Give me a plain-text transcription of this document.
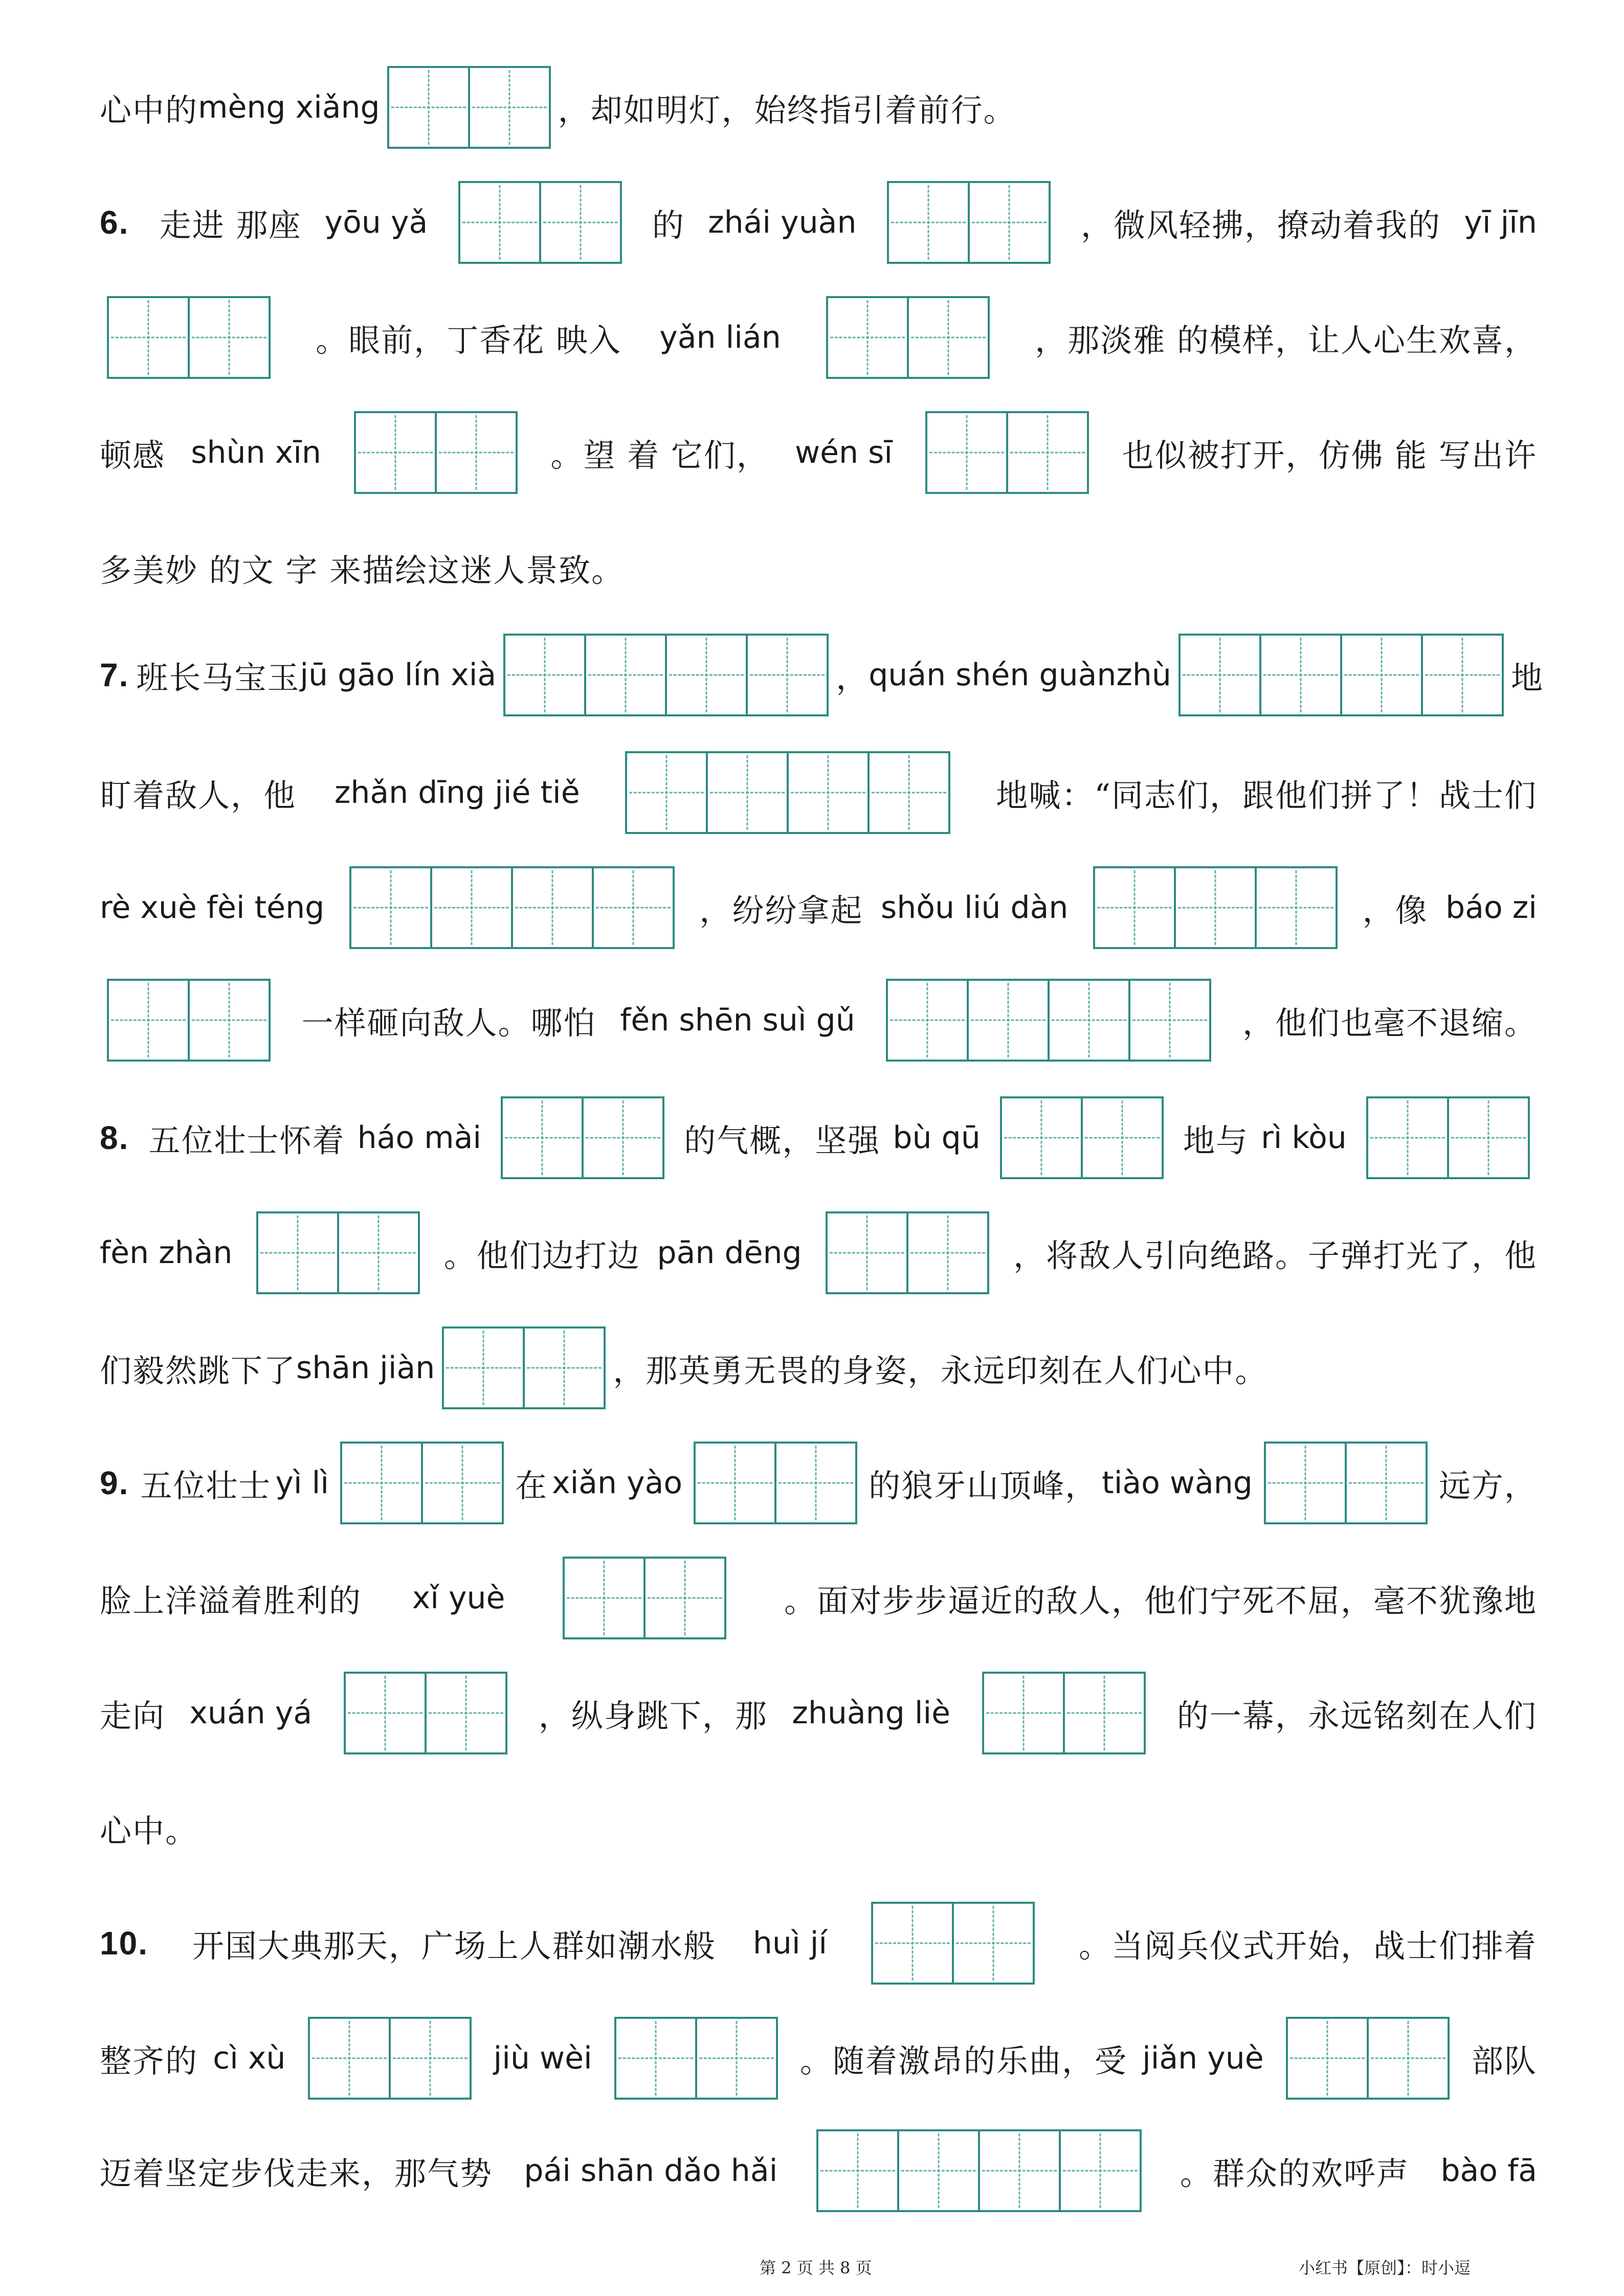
心中的 mèng xiǎng	，却如明灯，始终指引着前行。
6. 走进 那座 yōu yǎ	的 zhái yuàn	，微风轻拂，撩动着我的 yī jīn
。眼前，丁香花 映入 yǎn lián	，那淡雅 的模样，让人心生欢喜，
顿感 shùn xīn	。望 着 它们， wén sī	也似被打开，仿佛 能 写出许
多美妙 的文 字 来描绘这迷人景致。
7. 班长马宝玉 jū gāo lín xià	， quán shén guànzhù	地
盯着敌人，他 zhǎn dīng jié tiě	地喊：“同志们，跟他们拼了！战士们
rè xuè fèi téng	，纷纷拿起 shǒu liú dàn	，像 báo zi
一样砸向敌人。哪怕 fěn shēn suì gǔ	，他们也毫不退缩。
8. 五位壮士怀着 háo mài	的气概，坚强 bù qū	地与 rì kòu
fèn zhàn	。他们边打边 pān dēng	，将敌人引向绝路。子弹打光了，他
们毅然跳下了 shān jiàn	，那英勇无畏的身姿，永远印刻在人们心中。
9. 五位壮士 yì lì	在 xiǎn yào	的狼牙山顶峰， tiào wàng	远方，
脸上洋溢着胜利的 xǐ yuè	。面对步步逼近的敌人，他们宁死不屈，毫不犹豫地
走向 xuán yá	，纵身跳下，那 zhuàng liè	的一幕，永远铭刻在人们
心中。
10. 开国大典那天，广场上人群如潮水般 huì jí	。当阅兵仪式开始，战士们排着
整齐的 cì xù	jiù wèi	。随着激昂的乐曲，受 jiǎn yuè	部队
迈着坚定步伐走来，那气势 pái shān dǎo hǎi	。群众的欢呼声 bào fā
第 2 页 共 8 页	小红书【原创】：时小逗
